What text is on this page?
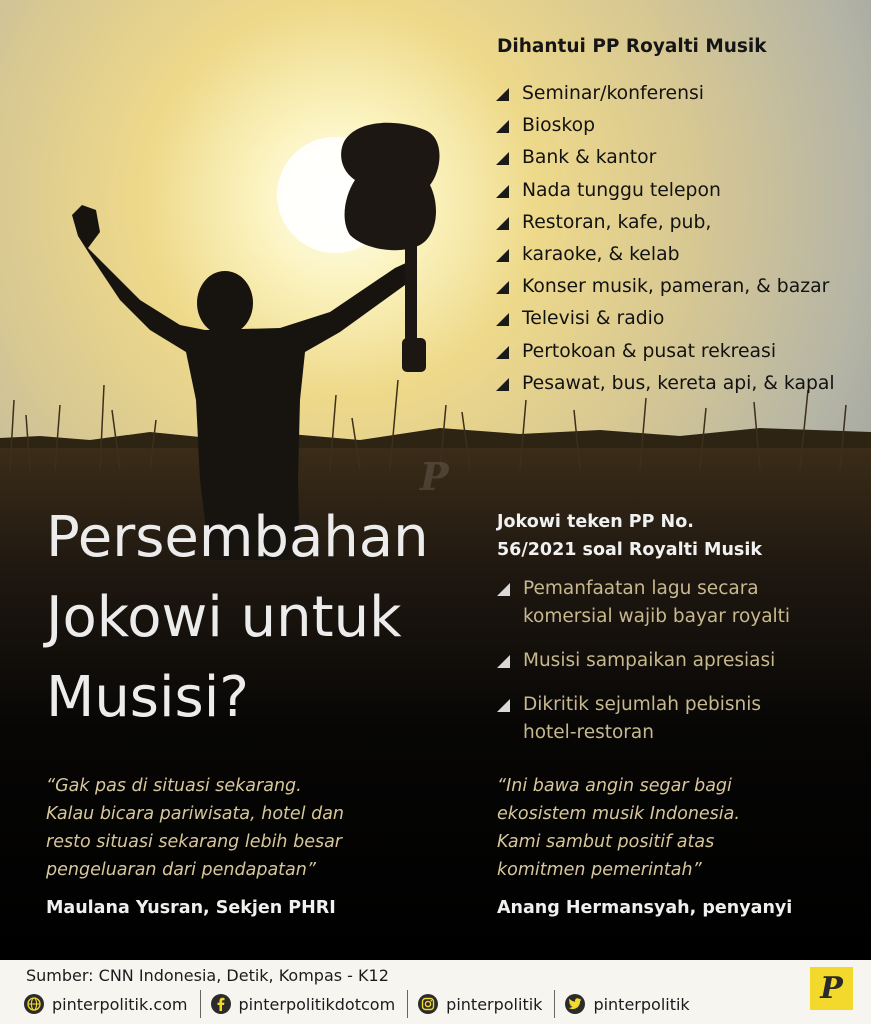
P
Dihantui PP Royalti Musik
Seminar/konferensi
Bioskop
Bank & kantor
Nada tunggu telepon
Restoran, kafe, pub,
karaoke, & kelab
Konser musik, pameran, & bazar
Televisi & radio
Pertokoan & pusat rekreasi
Pesawat, bus, kereta api, & kapal
Persembahan
Jokowi untuk
Musisi?
Jokowi teken PP No.
56/2021 soal Royalti Musik
Pemanfaatan lagu secara
komersial wajib bayar royalti
Musisi sampaikan apresiasi
Dikritik sejumlah pebisnis
hotel-restoran
“Gak pas di situasi sekarang.
Kalau bicara pariwisata, hotel dan
resto situasi sekarang lebih besar
pengeluaran dari pendapatan”
Maulana Yusran, Sekjen PHRI
“Ini bawa angin segar bagi
ekosistem musik Indonesia.
Kami sambut positif atas
komitmen pemerintah”
Anang Hermansyah, penyanyi
Sumber: CNN Indonesia, Detik, Kompas - K12
pinterpolitik.com	pinterpolitikdotcom	pinterpolitik	pinterpolitik	P
